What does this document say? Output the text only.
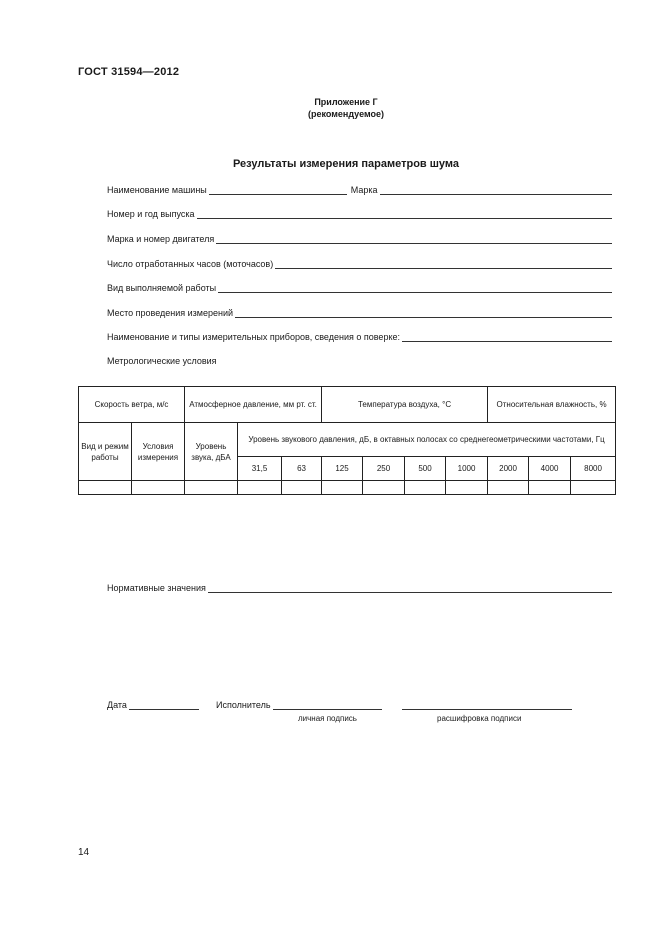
ГОСТ 31594—2012
Приложение Г
(рекомендуемое)
Результаты измерения параметров шума
Наименование машины	Марка
Номер и год выпуска
Марка и номер двигателя
Число отработанных часов (моточасов)
Вид выполняемой работы
Место проведения измерений
Наименование и типы измерительных приборов, сведения о поверке:
Метрологические условия
Скорость ветра, м/с		Атмосферное давление, мм рт. ст.			Температура воздуха, °С				Относительная влажность, %		
Вид и режим работы	Условия измерения	Уровень звука, дБА	Уровень звукового давления, дБ, в октавных полосах со среднегеометрическими частотами, Гц								
			31,5	63	125	250	500	1000	2000	4000	8000

Нормативные значения
Дата	Исполнитель
личная подпись	расшифровка подписи
14
